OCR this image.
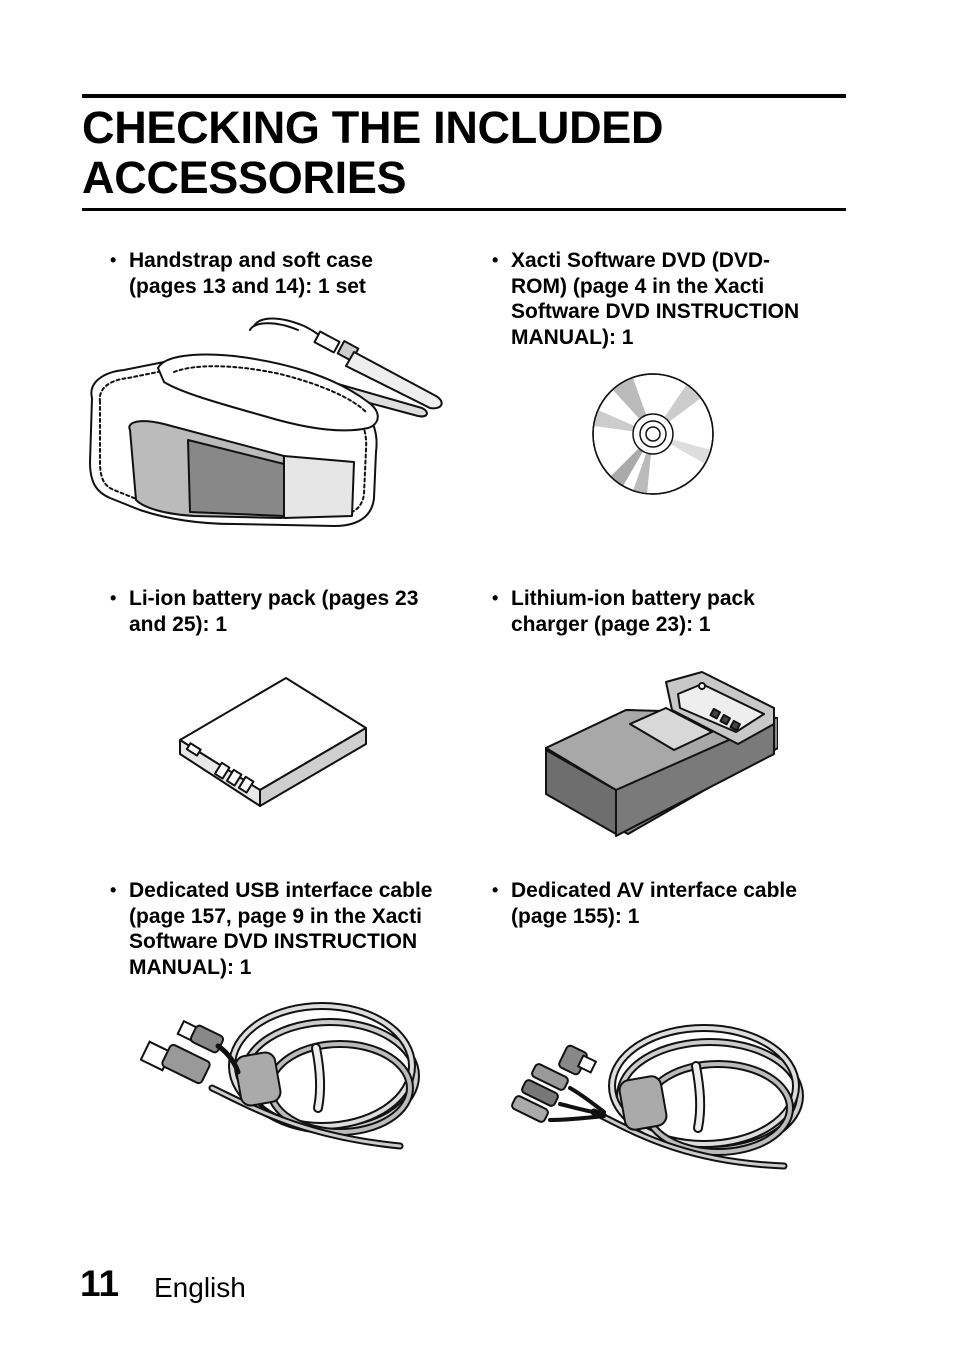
CHECKING THE INCLUDED
ACCESSORIES
• Handstrap and soft case
(pages 13 and 14): 1 set
• Xacti Software DVD (DVD-
ROM) (page 4 in the Xacti
Software DVD INSTRUCTION
MANUAL): 1
• Li-ion battery pack (pages 23
and 25): 1
• Lithium-ion battery pack
charger (page 23): 1
• Dedicated USB interface cable
(page 157, page 9 in the Xacti
Software DVD INSTRUCTION
MANUAL): 1
• Dedicated AV interface cable
(page 155): 1
11 English
